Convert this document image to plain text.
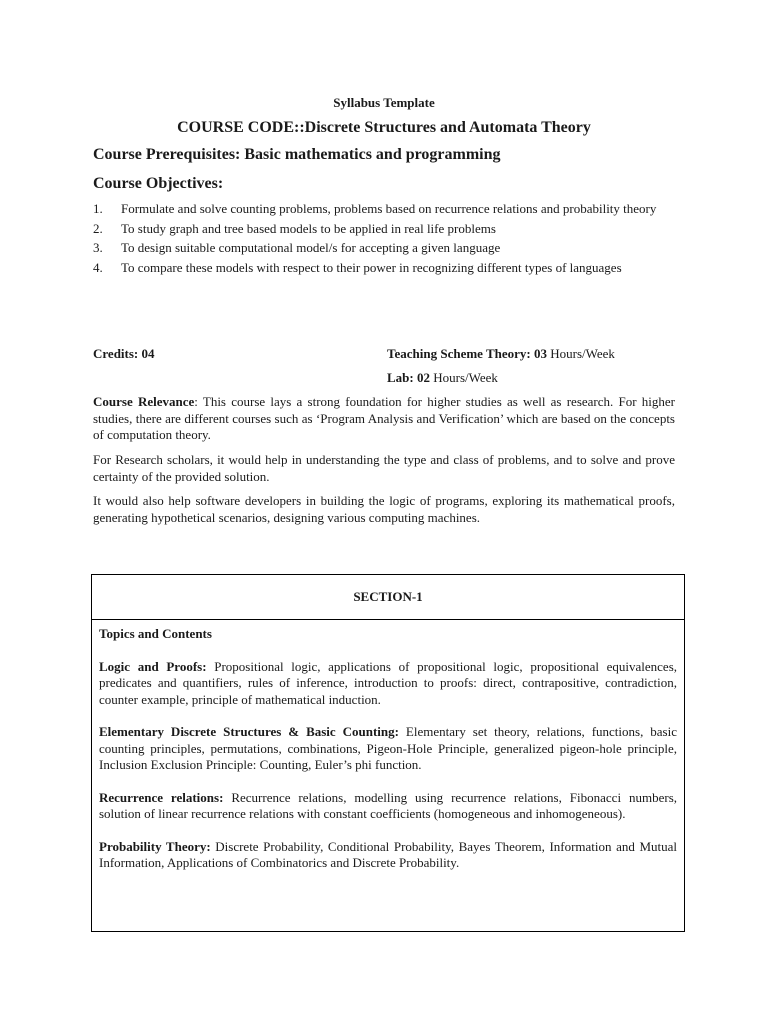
Syllabus Template
COURSE CODE::Discrete Structures and Automata Theory
Course Prerequisites: Basic mathematics and programming
Course Objectives:
1. Formulate and solve counting problems, problems based on recurrence relations and probability theory
2. To study graph and tree based models to be applied in real life problems
3. To design suitable computational model/s for accepting a given language
4. To compare these models with respect to their power in recognizing different types of languages
Credits: 04	Teaching Scheme Theory: 03 Hours/Week
Lab: 02 Hours/Week

Course Relevance: This course lays a strong foundation for higher studies as well as research. For higher studies, there are different courses such as ‘Program Analysis and Verification’ which are based on the concepts of computation theory.

For Research scholars, it would help in understanding the type and class of problems, and to solve and prove certainty of the provided solution.

It would also help software developers in building the logic of programs, exploring its mathematical proofs, generating hypothetical scenarios, designing various computing machines.

SECTION-1

Topics and Contents

Logic and Proofs: Propositional logic, applications of propositional logic, propositional equivalences, predicates and quantifiers, rules of inference, introduction to proofs: direct, contrapositive, contradiction, counter example, principle of mathematical induction.

Elementary Discrete Structures & Basic Counting: Elementary set theory, relations, functions, basic counting principles, permutations, combinations, Pigeon-Hole Principle, generalized pigeon-hole principle, Inclusion Exclusion Principle: Counting, Euler’s phi function.

Recurrence relations: Recurrence relations, modelling using recurrence relations, Fibonacci numbers, solution of linear recurrence relations with constant coefficients (homogeneous and inhomogeneous).

Probability Theory: Discrete Probability, Conditional Probability, Bayes Theorem, Information and Mutual Information, Applications of Combinatorics and Discrete Probability.
